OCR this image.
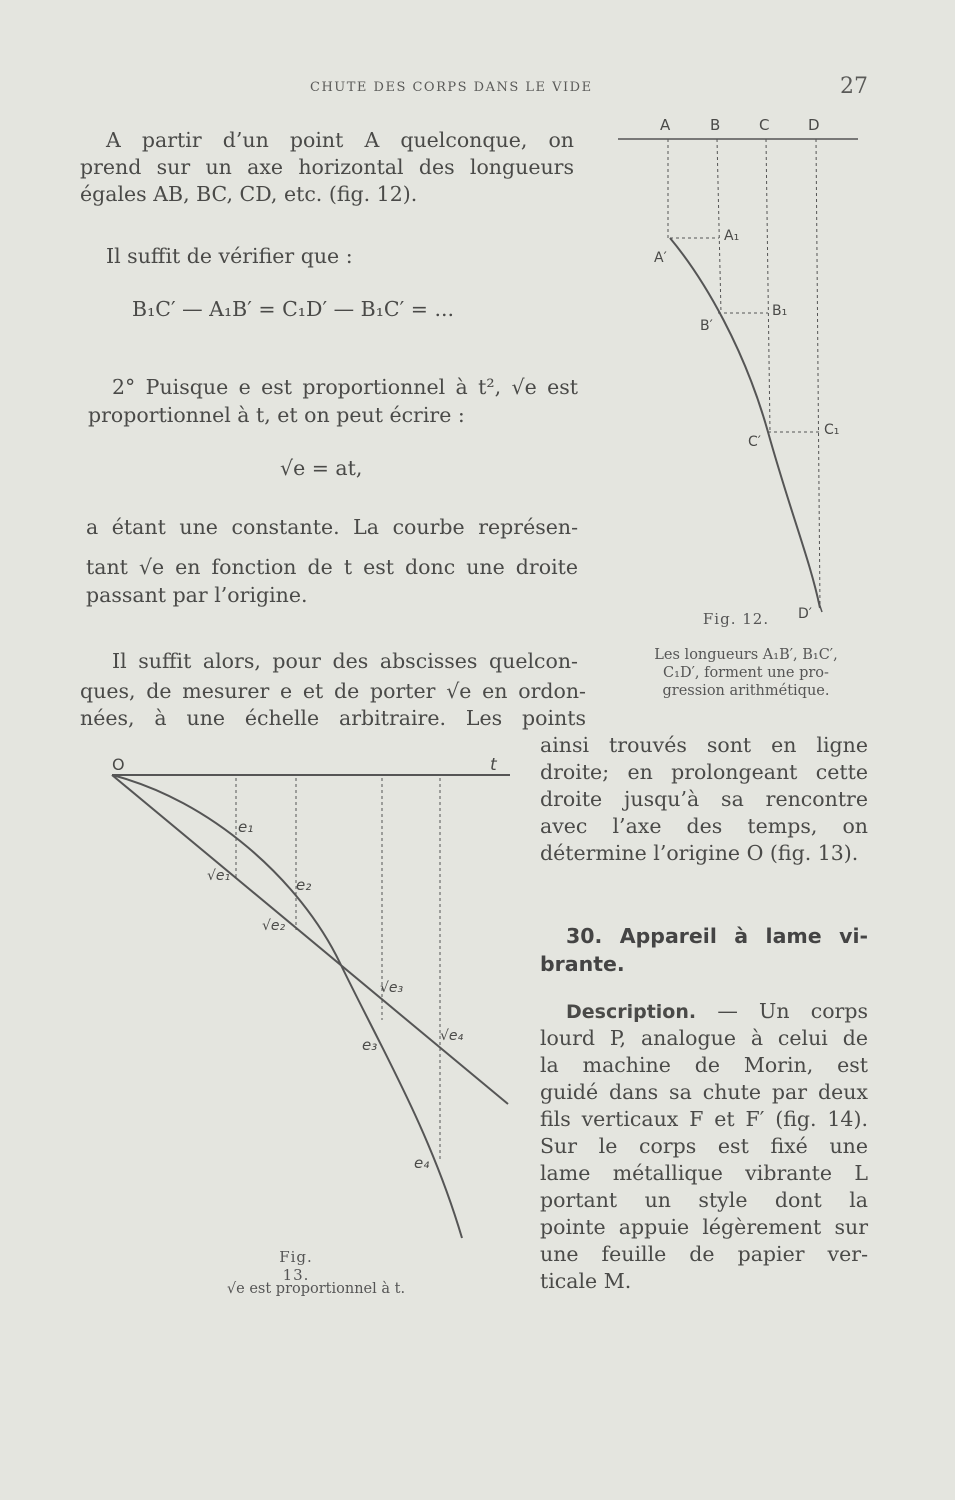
CHUTE DES CORPS DANS LE VIDE	27
A partir d’un point A quelconque, on
prend sur un axe horizontal des longueurs
égales AB, BC, CD, etc. (fig. 12).
Il suffit de vérifier que :
B₁C′ — A₁B′ = C₁D′ — B₁C′ = ...
2° Puisque e est proportionnel à t², √e est
proportionnel à t, et on peut écrire :
√e = at,
a étant une constante. La courbe représen-
tant √e en fonction de t est donc une droite
passant par l’origine.
Il suffit alors, pour des abscisses quelcon-
ques, de mesurer e et de porter √e en ordon-
nées, à une échelle arbitraire. Les points
ainsi trouvés sont en ligne
droite; en prolongeant cette
droite jusqu’à sa rencontre
avec l’axe des temps, on
détermine l’origine O (fig. 13).
30. Appareil à lame vi-
brante.
Description. — Un corps
lourd P, analogue à celui de
la machine de Morin, est
guidé dans sa chute par deux
fils verticaux F et F′ (fig. 14).
Sur le corps est fixé une
lame métallique vibrante L
portant un style dont la
pointe appuie légèrement sur
une feuille de papier ver-
ticale M.
A	B	C	D
A′
A₁
B′
B₁
C′
C₁
D′
Fig. 12.
Les longueurs A₁B′, B₁C′,
C₁D′, forment une pro-
gression arithmétique.
O	t
e₁
e₂
e₃
e₄
√e₁
√e₂
√e₃
√e₄
Fig. 13.
√e est proportionnel à t.
